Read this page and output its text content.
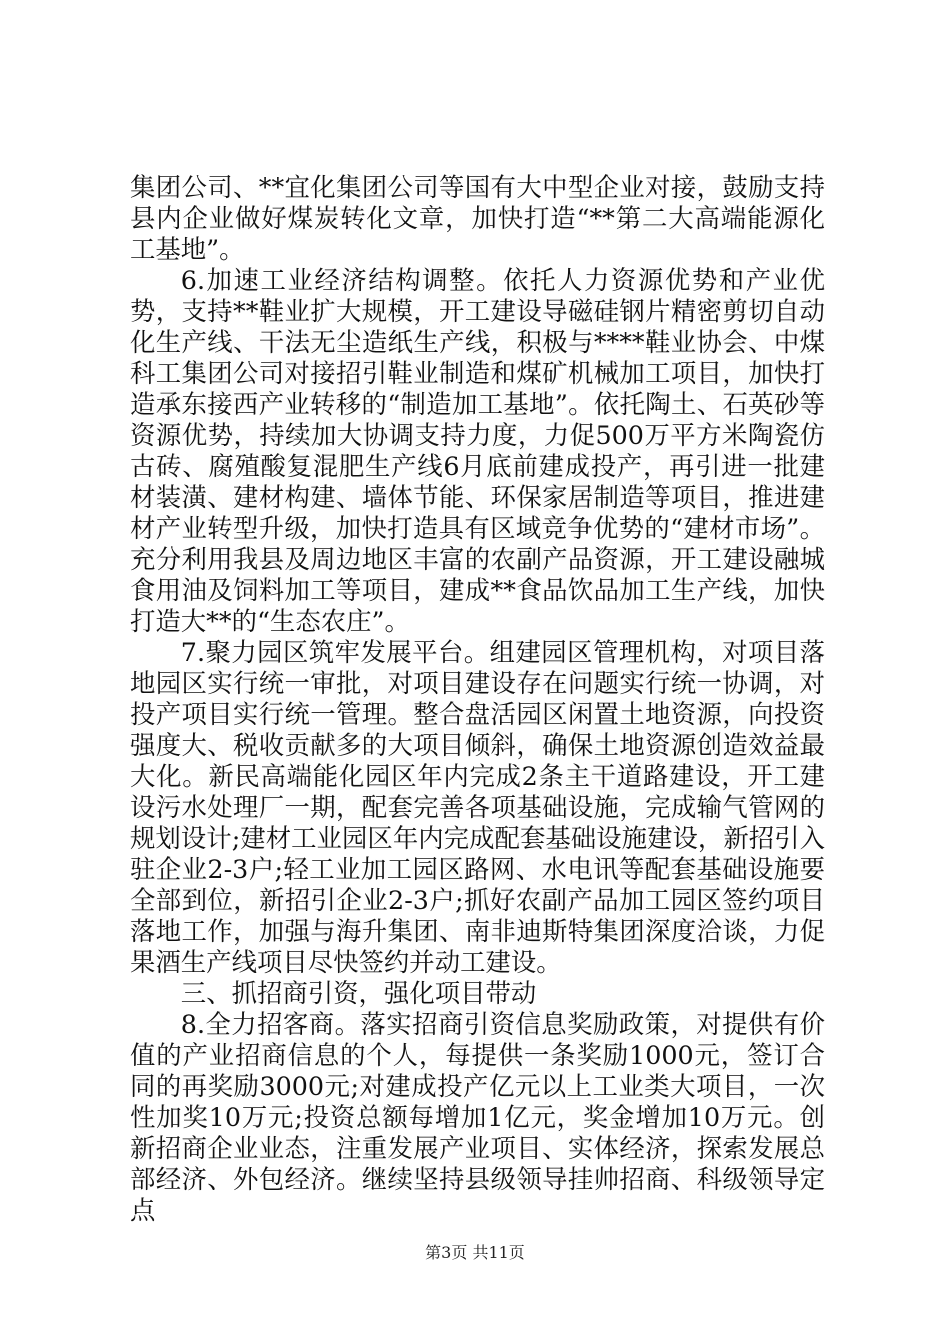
集团公司、**宜化集团公司等国有大中型企业对接，鼓励支持县内企业做好煤炭转化文章，加快打造“**第二大高端能源化工基地”。

6.加速工业经济结构调整。依托人力资源优势和产业优势，支持**鞋业扩大规模，开工建设导磁硅钢片精密剪切自动化生产线、干法无尘造纸生产线，积极与****鞋业协会、中煤科工集团公司对接招引鞋业制造和煤矿机械加工项目，加快打造承东接西产业转移的“制造加工基地”。依托陶土、石英砂等资源优势，持续加大协调支持力度，力促500万平方米陶瓷仿古砖、腐殖酸复混肥生产线6月底前建成投产，再引进一批建材装潢、建材构建、墙体节能、环保家居制造等项目，推进建材产业转型升级，加快打造具有区域竞争优势的“建材市场”。充分利用我县及周边地区丰富的农副产品资源，开工建设融城食用油及饲料加工等项目，建成**食品饮品加工生产线，加快打造大**的“生态农庄”。

7.聚力园区筑牢发展平台。组建园区管理机构，对项目落地园区实行统一审批，对项目建设存在问题实行统一协调，对投产项目实行统一管理。整合盘活园区闲置土地资源，向投资强度大、税收贡献多的大项目倾斜，确保土地资源创造效益最大化。新民高端能化园区年内完成2条主干道路建设，开工建设污水处理厂一期，配套完善各项基础设施，完成输气管网的规划设计;建材工业园区年内完成配套基础设施建设，新招引入驻企业2-3户;轻工业加工园区路网、水电讯等配套基础设施要全部到位，新招引企业2-3户;抓好农副产品加工园区签约项目落地工作，加强与海升集团、南非迪斯特集团深度洽谈，力促果酒生产线项目尽快签约并动工建设。

三、抓招商引资，强化项目带动

8.全力招客商。落实招商引资信息奖励政策，对提供有价值的产业招商信息的个人，每提供一条奖励1000元，签订合同的再奖励3000元;对建成投产亿元以上工业类大项目，一次性加奖10万元;投资总额每增加1亿元，奖金增加10万元。创新招商企业业态，注重发展产业项目、实体经济，探索发展总部经济、外包经济。继续坚持县级领导挂帅招商、科级领导定点

第3页 共11页
